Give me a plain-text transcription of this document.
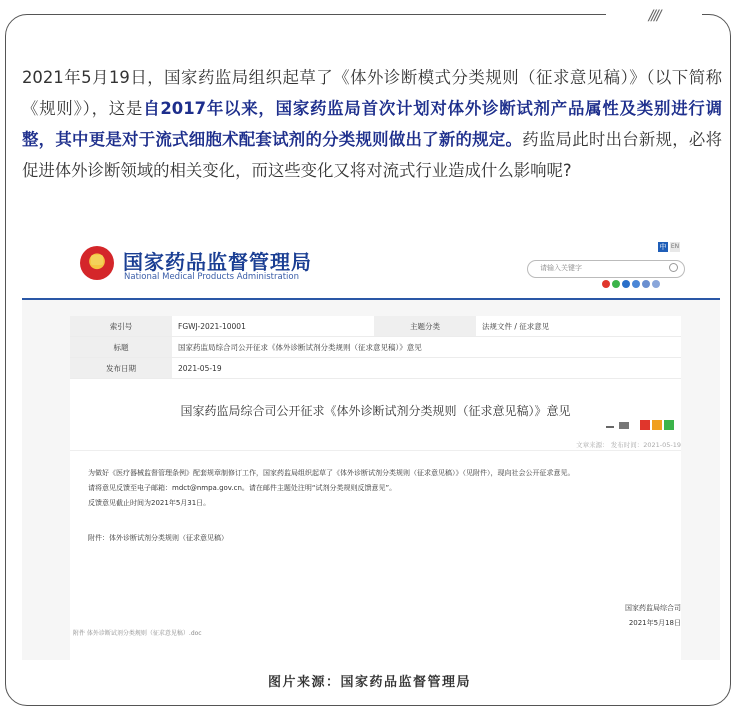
////
2021年5月19日，国家药监局组织起草了《体外诊断模式分类规则（征求意见稿）》（以下简称《规则》），这是自2017年以来，国家药监局首次计划对体外诊断试剂产品属性及类别进行调整，其中更是对于流式细胞术配套试剂的分类规则做出了新的规定。药监局此时出台新规，必将促进体外诊断领域的相关变化，而这些变化又将对流式行业造成什么影响呢?
国家药品监督管理局
National Medical Products Administration
中 EN
请输入关键字
索引号	FGWJ-2021-10001	主题分类	法规文件 / 征求意见
标题	国家药监局综合司公开征求《体外诊断试剂分类规则（征求意见稿）》意见		
发布日期	2021-05-19		
国家药监局综合司公开征求《体外诊断试剂分类规则（征求意见稿）》意见
文章来源： 发布时间：2021-05-19
为做好《医疗器械监督管理条例》配套规章制修订工作，国家药监局组织起草了《体外诊断试剂分类规则（征求意见稿）》（见附件），现向社会公开征求意见。
请将意见反馈至电子邮箱：mdct@nmpa.gov.cn。请在邮件主题处注明“试剂分类规则反馈意见”。
反馈意见截止时间为2021年5月31日。
附件：体外诊断试剂分类规则（征求意见稿）
国家药监局综合司
2021年5月18日
附件 体外诊断试剂分类规则（征求意见稿）.doc
图片来源：国家药品监督管理局
